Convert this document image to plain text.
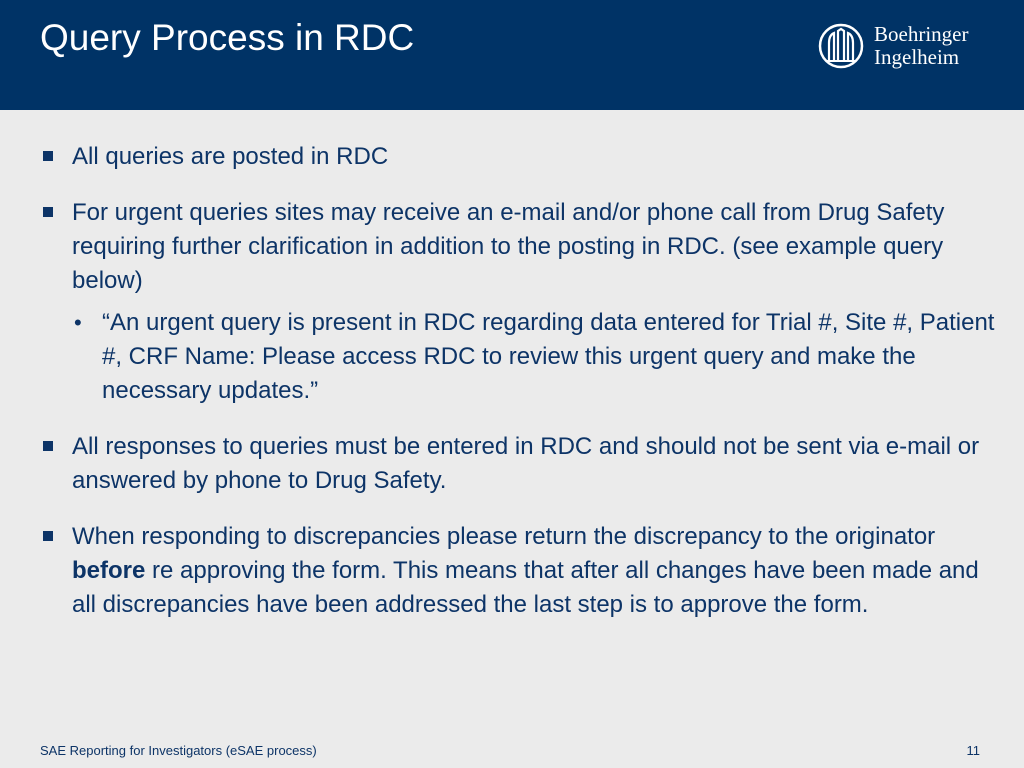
Query Process in RDC	Boehringer
Ingelheim
All queries are posted in RDC
For urgent queries sites may receive an e-mail and/or phone call from Drug Safety requiring further clarification in addition to the posting in RDC. (see example query below)
• “An urgent query is present in RDC regarding data entered for Trial #, Site #, Patient #, CRF Name: Please access RDC to review this urgent query and make the necessary updates.”
All responses to queries must be entered in RDC and should not be sent via e-mail or answered by phone to Drug Safety.
When responding to discrepancies please return the discrepancy to the originator before re approving the form. This means that after all changes have been made and all discrepancies have been addressed the last step is to approve the form.
SAE Reporting for Investigators (eSAE process)	11
